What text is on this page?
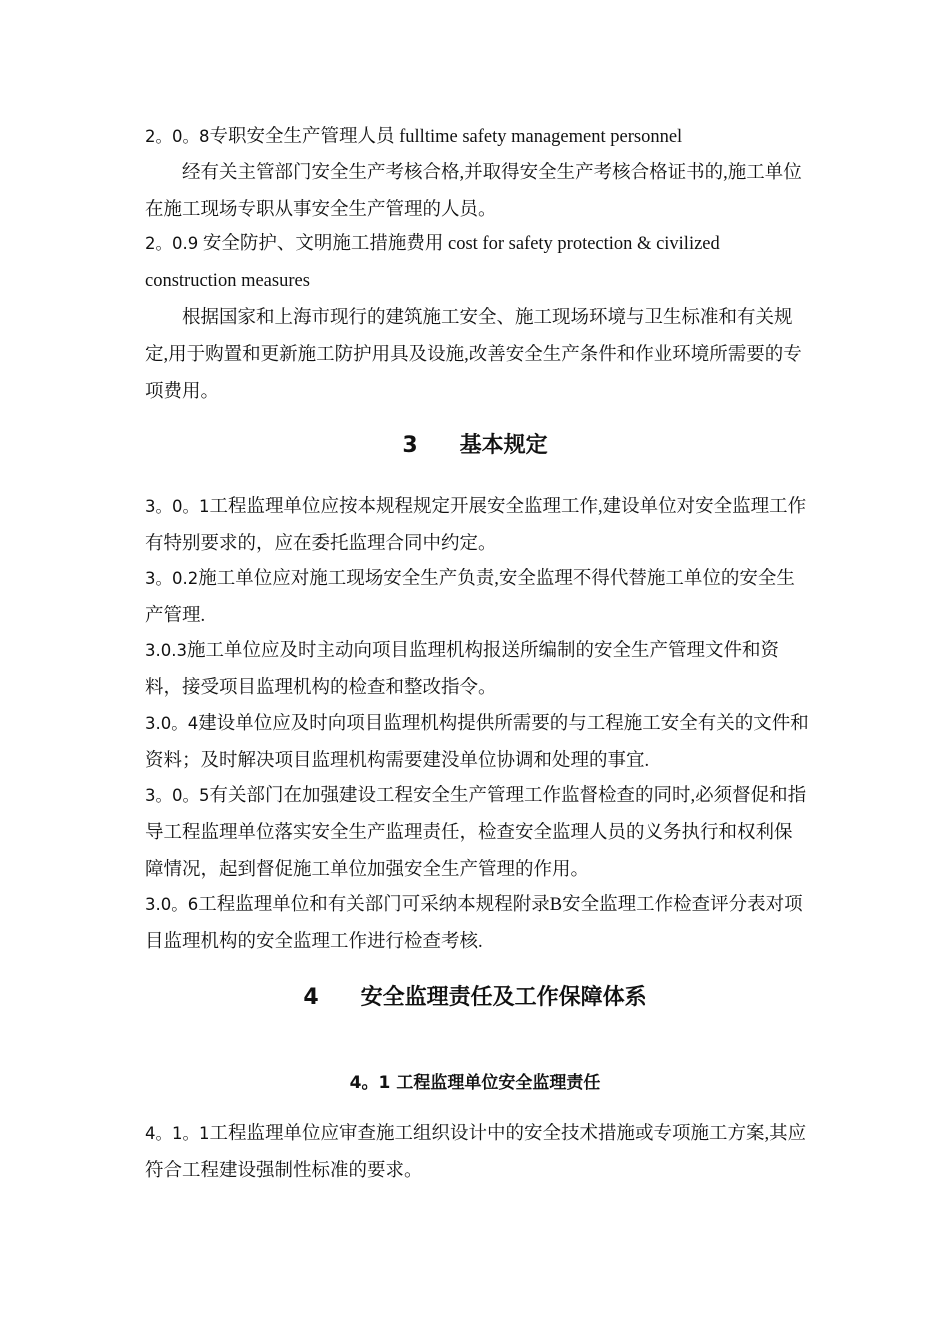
2。0。8专职安全生产管理人员 fulltime safety management personnel

经有关主管部门安全生产考核合格,并取得安全生产考核合格证书的,施工单位在施工现场专职从事安全生产管理的人员。

2。0.9 安全防护、文明施工措施费用 cost for safety protection & civilized construction measures

根据国家和上海市现行的建筑施工安全、施工现场环境与卫生标准和有关规定,用于购置和更新施工防护用具及设施,改善安全生产条件和作业环境所需要的专项费用。

3 基本规定

3。0。1工程监理单位应按本规程规定开展安全监理工作,建设单位对安全监理工作有特别要求的，应在委托监理合同中约定。

3。0.2施工单位应对施工现场安全生产负责,安全监理不得代替施工单位的安全生产管理.

3.0.3施工单位应及时主动向项目监理机构报送所编制的安全生产管理文件和资料，接受项目监理机构的检查和整改指令。

3.0。4建设单位应及时向项目监理机构提供所需要的与工程施工安全有关的文件和资料；及时解决项目监理机构需要建没单位协调和处理的事宜.

3。0。5有关部门在加强建设工程安全生产管理工作监督检查的同时,必须督促和指导工程监理单位落实安全生产监理责任，检查安全监理人员的义务执行和权利保障情况，起到督促施工单位加强安全生产管理的作用。

3.0。6工程监理单位和有关部门可采纳本规程附录B安全监理工作检查评分表对项目监理机构的安全监理工作进行检查考核.

4 安全监理责任及工作保障体系
4。1 工程监理单位安全监理责任

4。1。1工程监理单位应审查施工组织设计中的安全技术措施或专项施工方案,其应符合工程建设强制性标准的要求。
